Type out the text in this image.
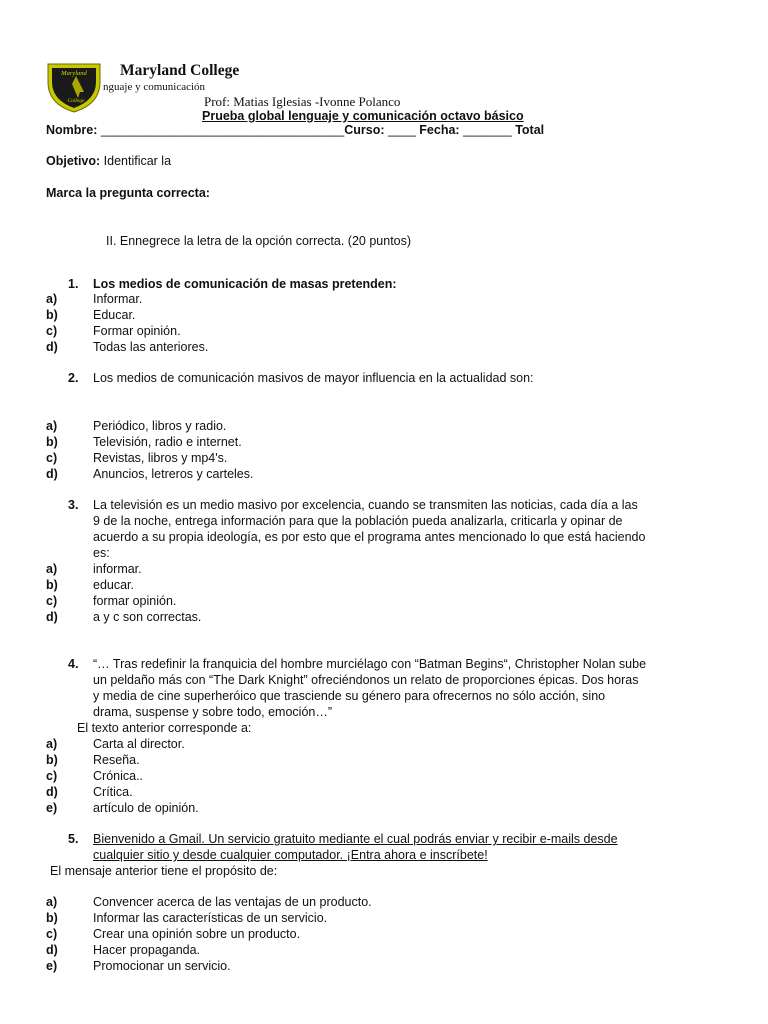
Maryland
College
Maryland College
nguaje y comunicación
Prof: Matias Iglesias -Ivonne Polanco
Prueba global lenguaje y comunicación octavo básico
Nombre: ___________________________________Curso: ____ Fecha: _______ Total
Objetivo: Identificar la
Marca la pregunta correcta:
II. Ennegrece la letra de la opción correcta. (20 puntos)
1. Los medios de comunicación de masas pretenden:
a)	Informar.
b)	Educar.
c)	Formar opinión.
d)	Todas las anteriores.
2. Los medios de comunicación masivos de mayor influencia en la actualidad son:
a)	Periódico, libros y radio.
b)	Televisión, radio e internet.
c)	Revistas, libros y mp4's.
d)	Anuncios, letreros y carteles.
3. La televisión es un medio masivo por excelencia, cuando se transmiten las noticias, cada día a las
9 de la noche, entrega información para que la población pueda analizarla, criticarla y opinar de
acuerdo a su propia ideología, es por esto que el programa antes mencionado lo que está haciendo
es:
a)	informar.
b)	educar.
c)	formar opinión.
d)	a y c son correctas.
4. “… Tras redefinir la franquicia del hombre murciélago con “Batman Begins“, Christopher Nolan sube
un peldaño más con “The Dark Knight” ofreciéndonos un relato de proporciones épicas. Dos horas
y media de cine superheróico que trasciende su género para ofrecernos no sólo acción, sino
drama, suspense y sobre todo, emoción…”
El texto anterior corresponde a:
a)	Carta al director.
b)	Reseña.
c)	Crónica..
d)	Crítica.
e)	artículo de opinión.
5. Bienvenido a Gmail. Un servicio gratuito mediante el cual podrás enviar y recibir e-mails desde
cualquier sitio y desde cualquier computador. ¡Entra ahora e inscríbete!
El mensaje anterior tiene el propósito de:
a)	Convencer acerca de las ventajas de un producto.
b)	Informar las características de un servicio.
c)	Crear una opinión sobre un producto.
d)	Hacer propaganda.
e)	Promocionar un servicio.
